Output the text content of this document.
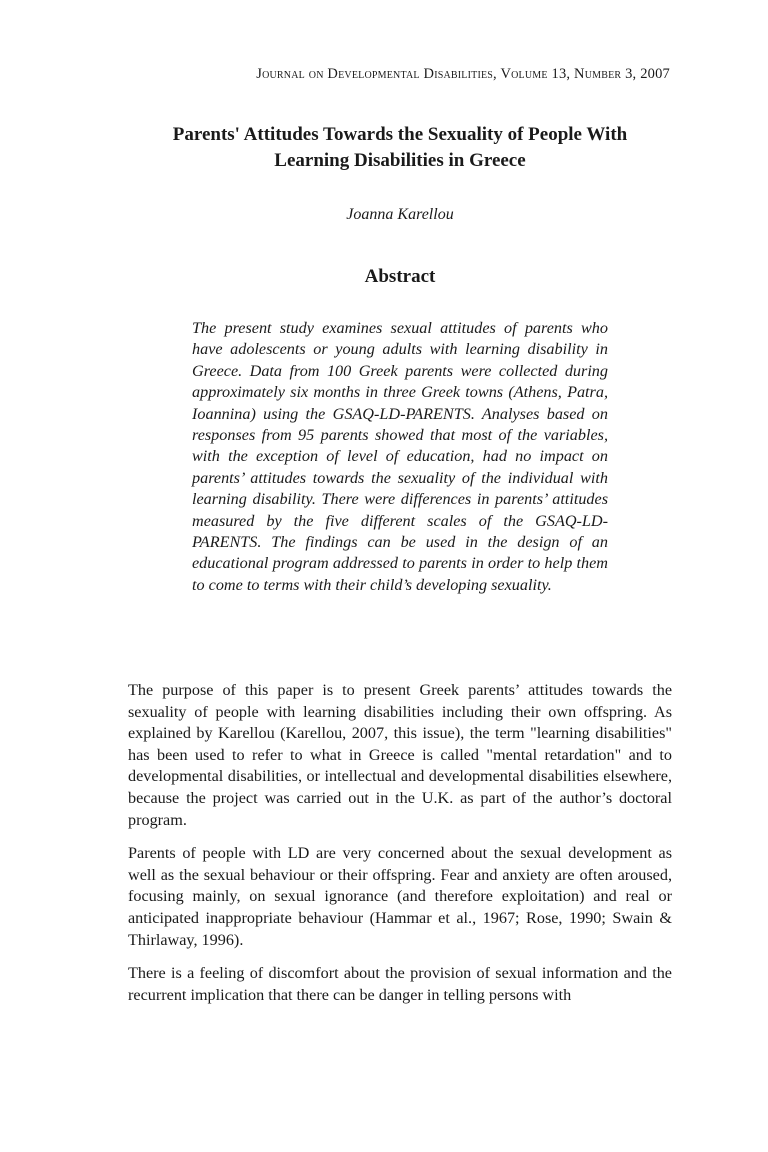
Journal on Developmental Disabilities, Volume 13, Number 3, 2007
Parents' Attitudes Towards the Sexuality of People With
Learning Disabilities in Greece
Joanna Karellou
Abstract
The present study examines sexual attitudes of parents who have adolescents or young adults with learning disability in Greece. Data from 100 Greek parents were collected during approximately six months in three Greek towns (Athens, Patra, Ioannina) using the GSAQ-LD-PARENTS. Analyses based on responses from 95 parents showed that most of the variables, with the exception of level of education, had no impact on parents’ attitudes towards the sexuality of the individual with learning disability. There were differences in parents’ attitudes measured by the five different scales of the GSAQ-LD-PARENTS. The findings can be used in the design of an educational program addressed to parents in order to help them to come to terms with their child’s developing sexuality.

The purpose of this paper is to present Greek parents’ attitudes towards the sexuality of people with learning disabilities including their own offspring. As explained by Karellou (Karellou, 2007, this issue), the term "learning disabilities" has been used to refer to what in Greece is called "mental retardation" and to developmental disabilities, or intellectual and developmental disabilities elsewhere, because the project was carried out in the U.K. as part of the author’s doctoral program.

Parents of people with LD are very concerned about the sexual development as well as the sexual behaviour or their offspring. Fear and anxiety are often aroused, focusing mainly, on sexual ignorance (and therefore exploitation) and real or anticipated inappropriate behaviour (Hammar et al., 1967; Rose, 1990; Swain & Thirlaway, 1996).

There is a feeling of discomfort about the provision of sexual information and the recurrent implication that there can be danger in telling persons with
